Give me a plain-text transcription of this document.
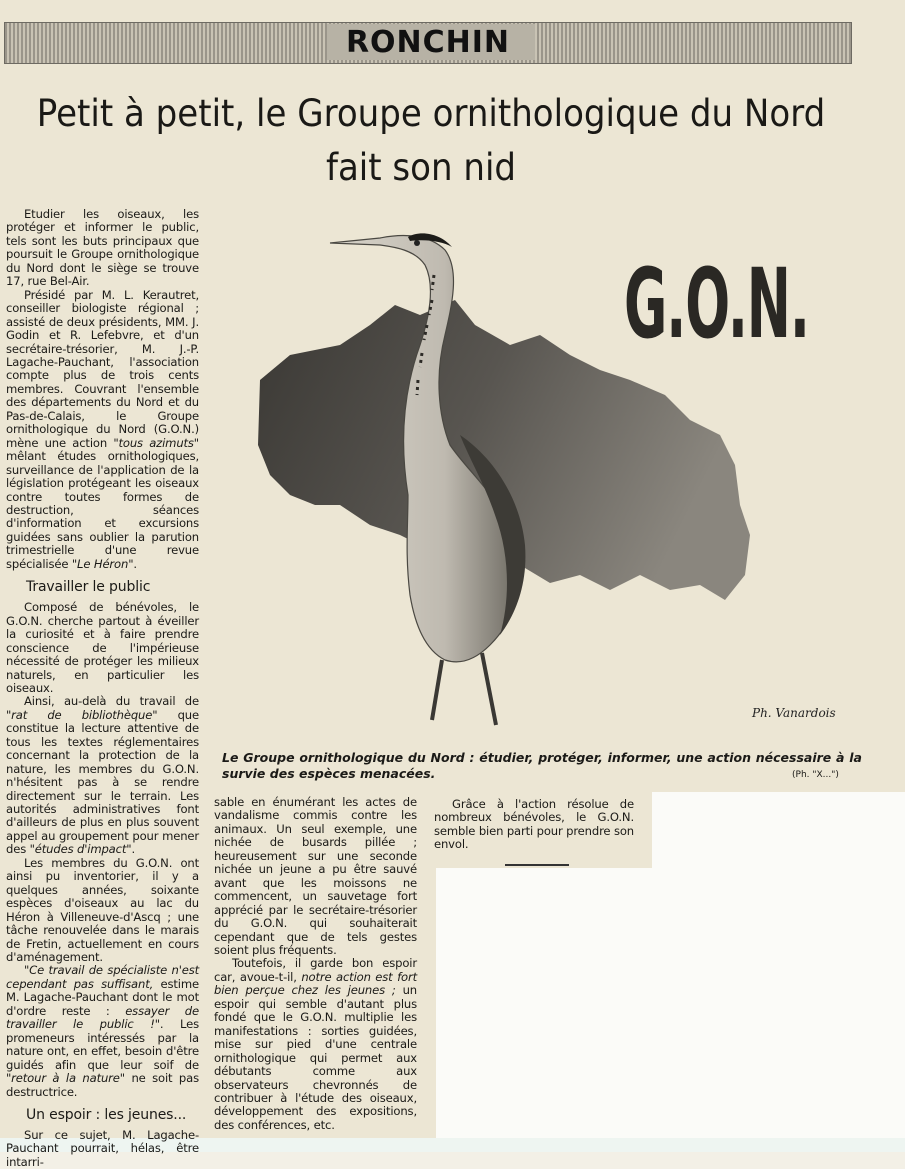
RONCHIN
Petit à petit, le Groupe ornithologique du Nord
fait son nid
G.O.N.
Ph. Vanardois
Le Groupe ornithologique du Nord : étudier, protéger, informer, une action nécessaire à la survie des espèces menacées.	(Ph. "X...")

Etudier les oiseaux, les protéger et informer le public, tels sont les buts principaux que poursuit le Groupe ornithologique du Nord dont le siège se trouve 17, rue Bel-Air.

Présidé par M. L. Kerautret, conseiller biologiste régional ; assisté de deux présidents, MM. J. Godin et R. Lefebvre, et d'un secrétaire-trésorier, M. J.-P. Lagache-Pauchant, l'association compte plus de trois cents membres. Couvrant l'ensemble des départements du Nord et du Pas-de-Calais, le Groupe ornithologique du Nord (G.O.N.) mène une action "tous azimuts" mêlant études ornithologiques, surveillance de l'application de la législation protégeant les oiseaux contre toutes formes de destruction, séances d'information et excursions guidées sans oublier la parution trimestrielle d'une revue spécialisée "Le Héron".

Travailler le public

Composé de bénévoles, le G.O.N. cherche partout à éveiller la curiosité et à faire prendre conscience de l'impérieuse nécessité de protéger les milieux naturels, en particulier les oiseaux.

Ainsi, au-delà du travail de "rat de bibliothèque" que constitue la lecture attentive de tous les textes réglementaires concernant la protection de la nature, les membres du G.O.N. n'hésitent pas à se rendre directement sur le terrain. Les autorités administratives font d'ailleurs de plus en plus souvent appel au groupement pour mener des "études d'impact".

Les membres du G.O.N. ont ainsi pu inventorier, il y a quelques années, soixante espèces d'oiseaux au lac du Héron à Villeneuve-d'Ascq ; une tâche renouvelée dans le marais de Fretin, actuellement en cours d'aménagement.

"Ce travail de spécialiste n'est cependant pas suffisant, estime M. Lagache-Pauchant dont le mot d'ordre reste : essayer de travailler le public !". Les promeneurs intéressés par la nature ont, en effet, besoin d'être guidés afin que leur soif de "retour à la nature" ne soit pas destructrice.

Un espoir : les jeunes...

Sur ce sujet, M. Lagache-Pauchant pourrait, hélas, être intarri-

sable en énumérant les actes de vandalisme commis contre les animaux. Un seul exemple, une nichée de busards pillée ; heureusement sur une seconde nichée un jeune a pu être sauvé avant que les moissons ne commencent, un sauvetage fort apprécié par le secrétaire-trésorier du G.O.N. qui souhaiterait cependant que de tels gestes soient plus fréquents.

Toutefois, il garde bon espoir car, avoue-t-il, notre action est fort bien perçue chez les jeunes ; un espoir qui semble d'autant plus fondé que le G.O.N. multiplie les manifestations : sorties guidées, mise sur pied d'une centrale ornithologique qui permet aux débutants comme aux observateurs chevronnés de contribuer à l'étude des oiseaux, développement des expositions, des conférences, etc.

Grâce à l'action résolue de nombreux bénévoles, le G.O.N. semble bien parti pour prendre son envol.
